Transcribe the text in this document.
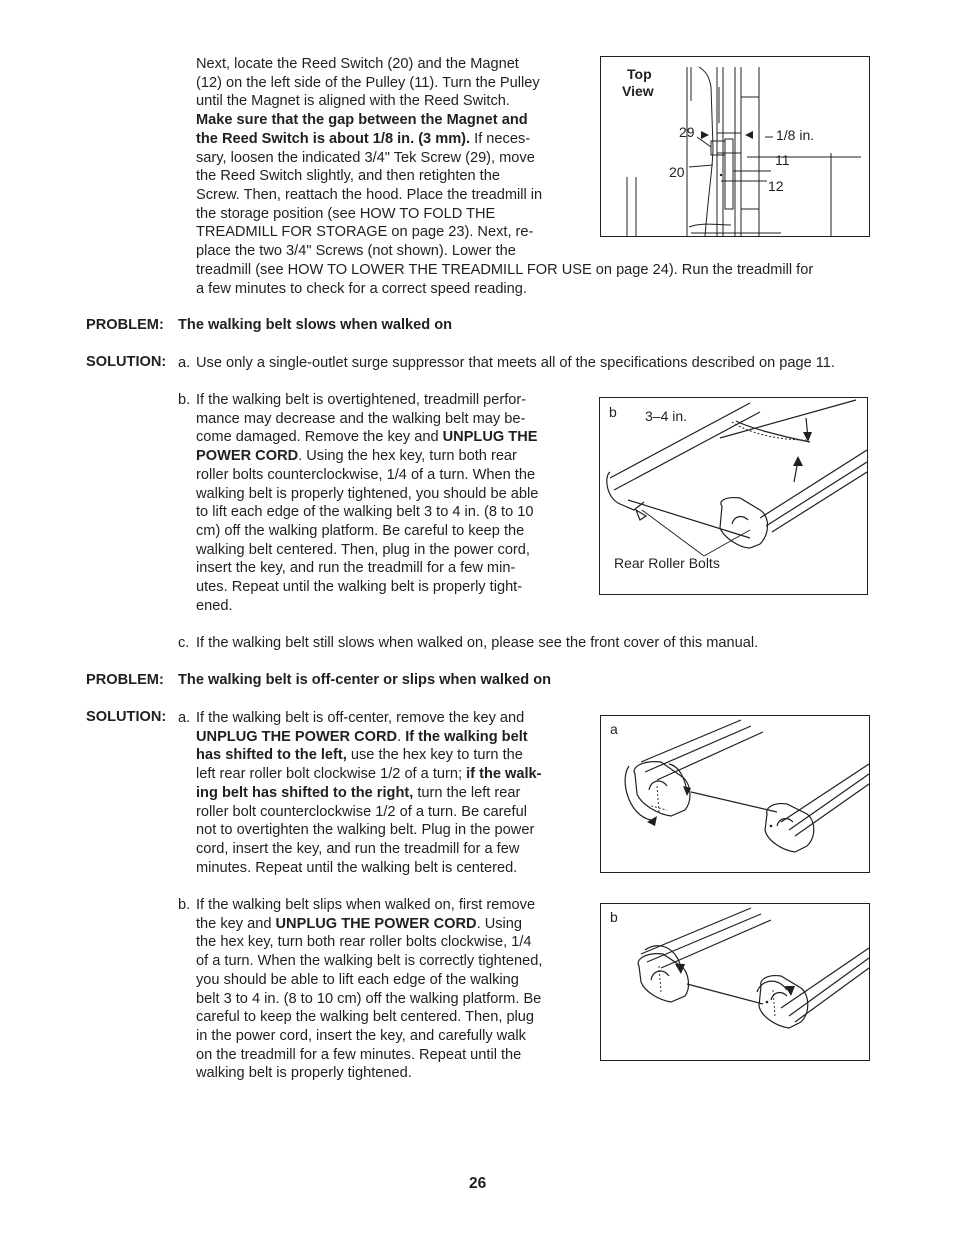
Next, locate the Reed Switch (20) and the Magnet

(12) on the left side of the Pulley (11). Turn the Pulley

until the Magnet is aligned with the Reed Switch.

Make sure that the gap between the Magnet and

the Reed Switch is about 1/8 in. (3 mm). If neces-

sary, loosen the indicated 3/4" Tek Screw (29), move

the Reed Switch slightly, and then retighten the

Screw. Then, reattach the hood. Place the treadmill in

the storage position (see HOW TO FOLD THE

TREADMILL FOR STORAGE on page 23). Next, re-

place the two 3/4" Screws (not shown). Lower the

treadmill (see HOW TO LOWER THE TREADMILL FOR USE on page 24). Run the treadmill for

a few minutes to check for a correct speed reading.

Top
View
29
20
1/8 in.
11
12
PROBLEM: The walking belt slows when walked on
SOLUTION: a. Use only a single-outlet surge suppressor that meets all of the specifications described on page 11.
b. If the walking belt is overtightened, treadmill perfor-

mance may decrease and the walking belt may be-

come damaged. Remove the key and UNPLUG THE

POWER CORD. Using the hex key, turn both rear

roller bolts counterclockwise, 1/4 of a turn. When the

walking belt is properly tightened, you should be able

to lift each edge of the walking belt 3 to 4 in. (8 to 10

cm) off the walking platform. Be careful to keep the

walking belt centered. Then, plug in the power cord,

insert the key, and run the treadmill for a few min-

utes. Repeat until the walking belt is properly tight-

ened.

b 3–4 in.
Rear Roller Bolts
c. If the walking belt still slows when walked on, please see the front cover of this manual.
PROBLEM: The walking belt is off-center or slips when walked on
SOLUTION: a. If the walking belt is off-center, remove the key and

UNPLUG THE POWER CORD. If the walking belt

has shifted to the left, use the hex key to turn the

left rear roller bolt clockwise 1/2 of a turn; if the walk-

ing belt has shifted to the right, turn the left rear

roller bolt counterclockwise 1/2 of a turn. Be careful

not to overtighten the walking belt. Plug in the power

cord, insert the key, and run the treadmill for a few

minutes. Repeat until the walking belt is centered.

a
b. If the walking belt slips when walked on, first remove

the key and UNPLUG THE POWER CORD. Using

the hex key, turn both rear roller bolts clockwise, 1/4

of a turn. When the walking belt is correctly tightened,

you should be able to lift each edge of the walking

belt 3 to 4 in. (8 to 10 cm) off the walking platform. Be

careful to keep the walking belt centered. Then, plug

in the power cord, insert the key, and carefully walk

on the treadmill for a few minutes. Repeat until the

walking belt is properly tightened.

b
26
